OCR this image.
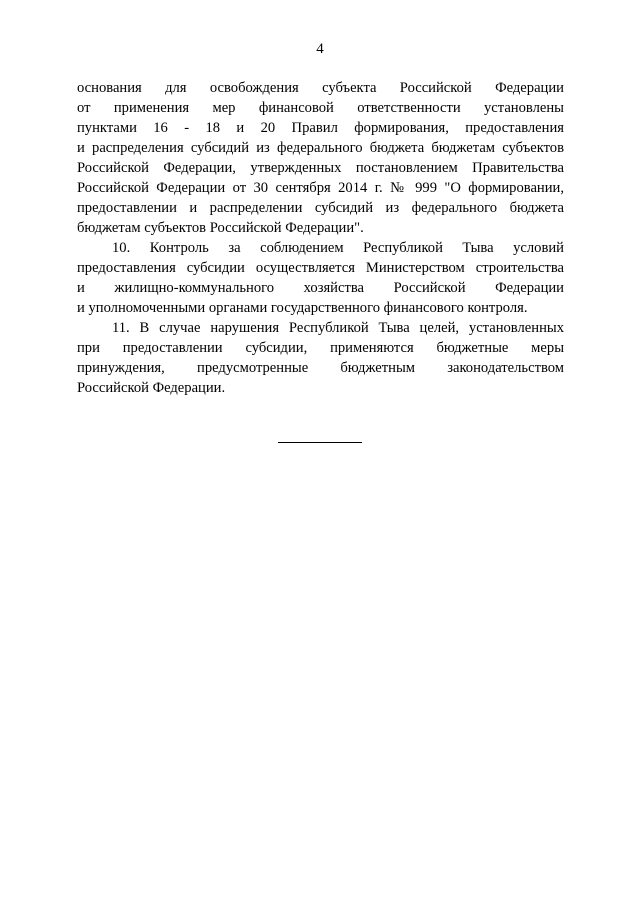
4

основания для освобождения субъекта Российской Федерации
от применения мер финансовой ответственности установлены
пунктами 16 - 18 и 20 Правил формирования, предоставления
и распределения субсидий из федерального бюджета бюджетам субъектов
Российской Федерации, утвержденных постановлением Правительства
Российской Федерации от 30 сентября 2014 г. № 999 "О формировании,
предоставлении и распределении субсидий из федерального бюджета
бюджетам субъектов Российской Федерации".

10. Контроль за соблюдением Республикой Тыва условий
предоставления субсидии осуществляется Министерством строительства
и жилищно-коммунального хозяйства Российской Федерации
и уполномоченными органами государственного финансового контроля.

11. В случае нарушения Республикой Тыва целей, установленных
при предоставлении субсидии, применяются бюджетные меры
принуждения, предусмотренные бюджетным законодательством
Российской Федерации.
